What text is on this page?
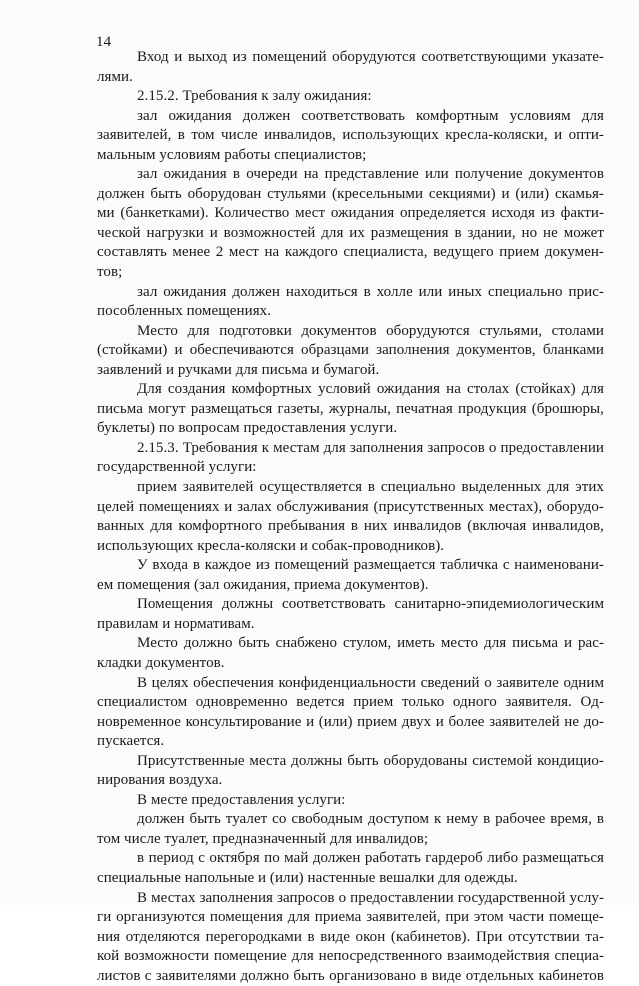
14
Вход и выход из помещений оборудуются соответствующими указате-
лями.
2.15.2. Требования к залу ожидания:
зал ожидания должен соответствовать комфортным условиям для
заявителей, в том числе инвалидов, использующих кресла-коляски, и опти-
мальным условиям работы специалистов;
зал ожидания в очереди на представление или получение документов
должен быть оборудован стульями (кресельными секциями) и (или) скамья-
ми (банкетками). Количество мест ожидания определяется исходя из факти-
ческой нагрузки и возможностей для их размещения в здании, но не может
составлять менее 2 мест на каждого специалиста, ведущего прием докумен-
тов;
зал ожидания должен находиться в холле или иных специально прис-
пособленных помещениях.
Место для подготовки документов оборудуются стульями, столами
(стойками) и обеспечиваются образцами заполнения документов, бланками
заявлений и ручками для письма и бумагой.
Для создания комфортных условий ожидания на столах (стойках) для
письма могут размещаться газеты, журналы, печатная продукция (брошюры,
буклеты) по вопросам предоставления услуги.
2.15.3. Требования к местам для заполнения запросов о предоставлении
государственной услуги:
прием заявителей осуществляется в специально выделенных для этих
целей помещениях и залах обслуживания (присутственных местах), оборудо-
ванных для комфортного пребывания в них инвалидов (включая инвалидов,
использующих кресла-коляски и собак-проводников).
У входа в каждое из помещений размещается табличка с наименовани-
ем помещения (зал ожидания, приема документов).
Помещения должны соответствовать санитарно-эпидемиологическим
правилам и нормативам.
Место должно быть снабжено стулом, иметь место для письма и рас-
кладки документов.
В целях обеспечения конфиденциальности сведений о заявителе одним
специалистом одновременно ведется прием только одного заявителя. Од-
новременное консультирование и (или) прием двух и более заявителей не до-
пускается.
Присутственные места должны быть оборудованы системой кондицио-
нирования воздуха.
В месте предоставления услуги:
должен быть туалет со свободным доступом к нему в рабочее время, в
том числе туалет, предназначенный для инвалидов;
в период с октября по май должен работать гардероб либо размещаться
специальные напольные и (или) настенные вешалки для одежды.
В местах заполнения запросов о предоставлении государственной услу-
ги организуются помещения для приема заявителей, при этом части помеще-
ния отделяются перегородками в виде окон (кабинетов). При отсутствии та-
кой возможности помещение для непосредственного взаимодействия специа-
листов с заявителями должно быть организовано в виде отдельных кабинетов
